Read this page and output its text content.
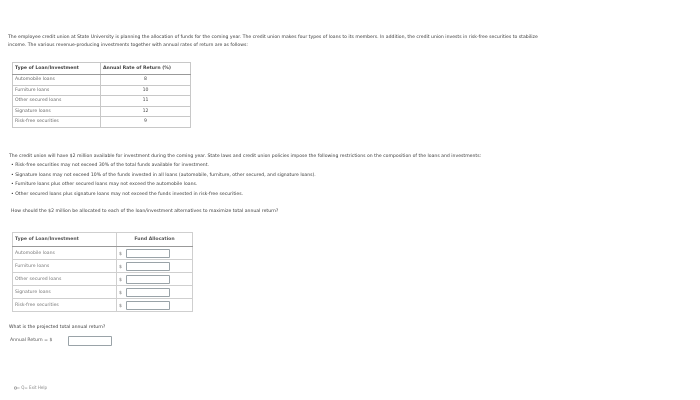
The employee credit union at State University is planning the allocation of funds for the coming year. The credit union makes four types of loans to its members. In addition, the credit union invests in risk-free securities to stabilize
income. The various revenue-producing investments together with annual rates of return are as follows:
Type of Loan/Investment	Annual Rate of Return (%)
Automobile loans	8
Furniture loans	10
Other secured loans	11
Signature loans	12
Risk-free securities	9
The credit union will have $2 million available for investment during the coming year. State laws and credit union policies impose the following restrictions on the composition of the loans and investments:
• Risk-free securities may not exceed 30% of the total funds available for investment.
• Signature loans may not exceed 10% of the funds invested in all loans (automobile, furniture, other secured, and signature loans).
• Furniture loans plus other secured loans may not exceed the automobile loans.
• Other secured loans plus signature loans may not exceed the funds invested in risk-free securities.
How should the $2 million be allocated to each of the loan/investment alternatives to maximize total annual return?
Type of Loan/Investment	Fund Allocation
Automobile loans	$
Furniture loans	$
Other secured loans	$
Signature loans	$
Risk-free securities	$
What is the projected total annual return?
Annual Return = $
Q= Exit Help
